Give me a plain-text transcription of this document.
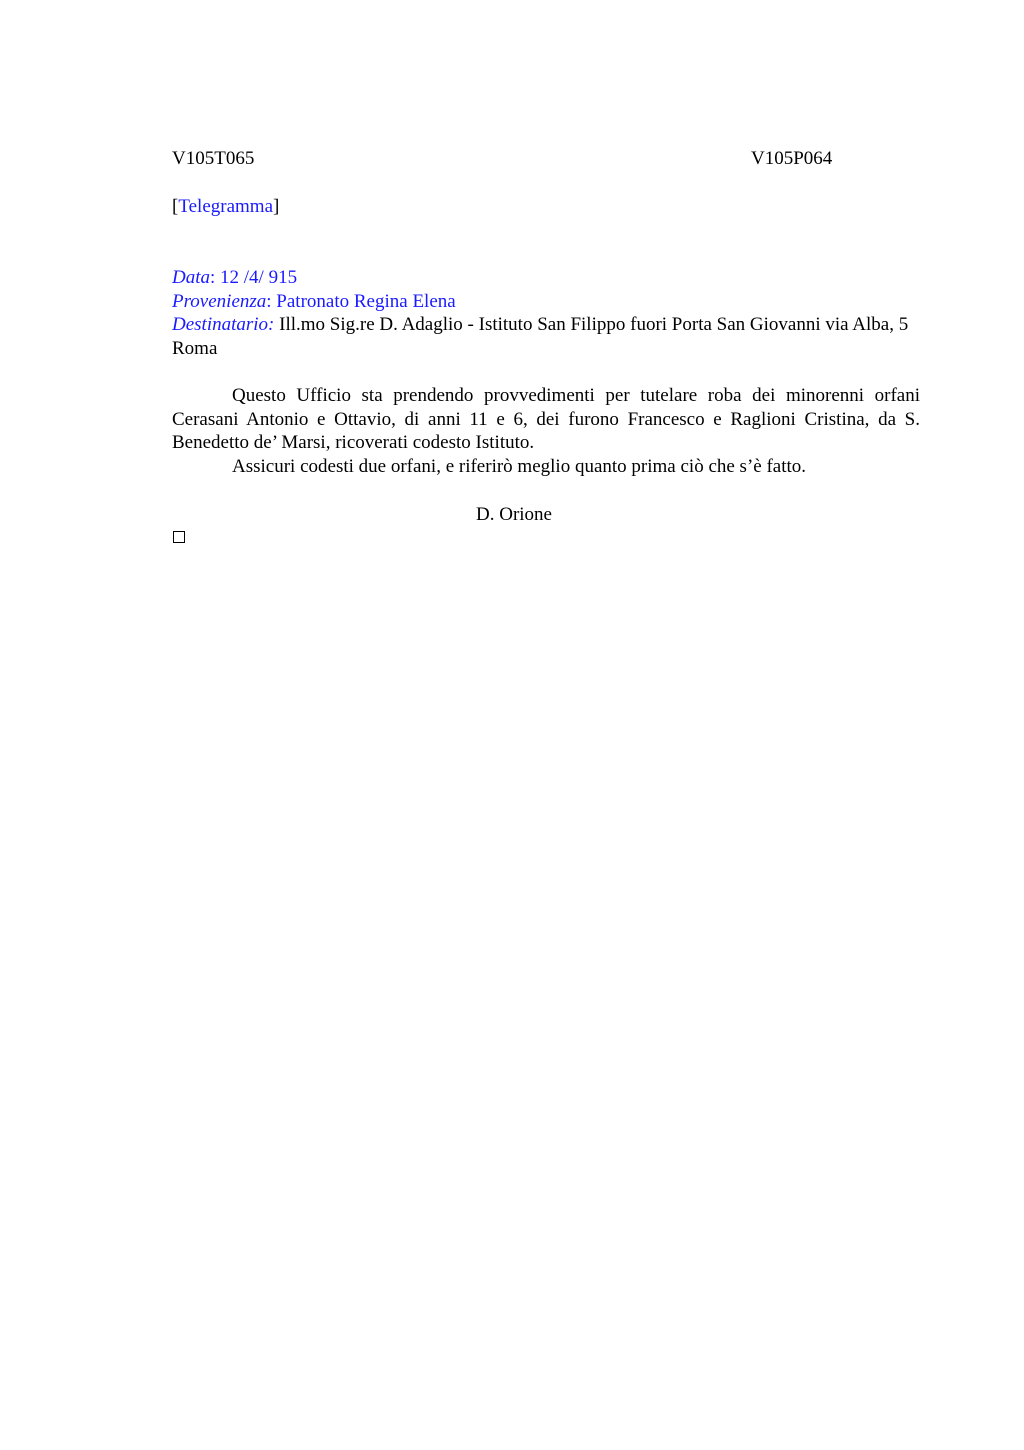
V105T065	V105P064
[Telegramma]
Data: 12 /4/ 915
Provenienza: Patronato Regina Elena
Destinatario: Ill.mo Sig.re D. Adaglio - Istituto San Filippo fuori Porta San Giovanni via Alba, 5 Roma

Questo Ufficio sta prendendo provvedimenti per tutelare roba dei minorenni orfani Cerasani Antonio e Ottavio, di anni 11 e 6, dei furono Francesco e Raglioni Cristina, da S. Benedetto de’ Marsi, ricoverati codesto Istituto.

Assicuri codesti due orfani, e riferirò meglio quanto prima ciò che s’è fatto.

D. Orione
